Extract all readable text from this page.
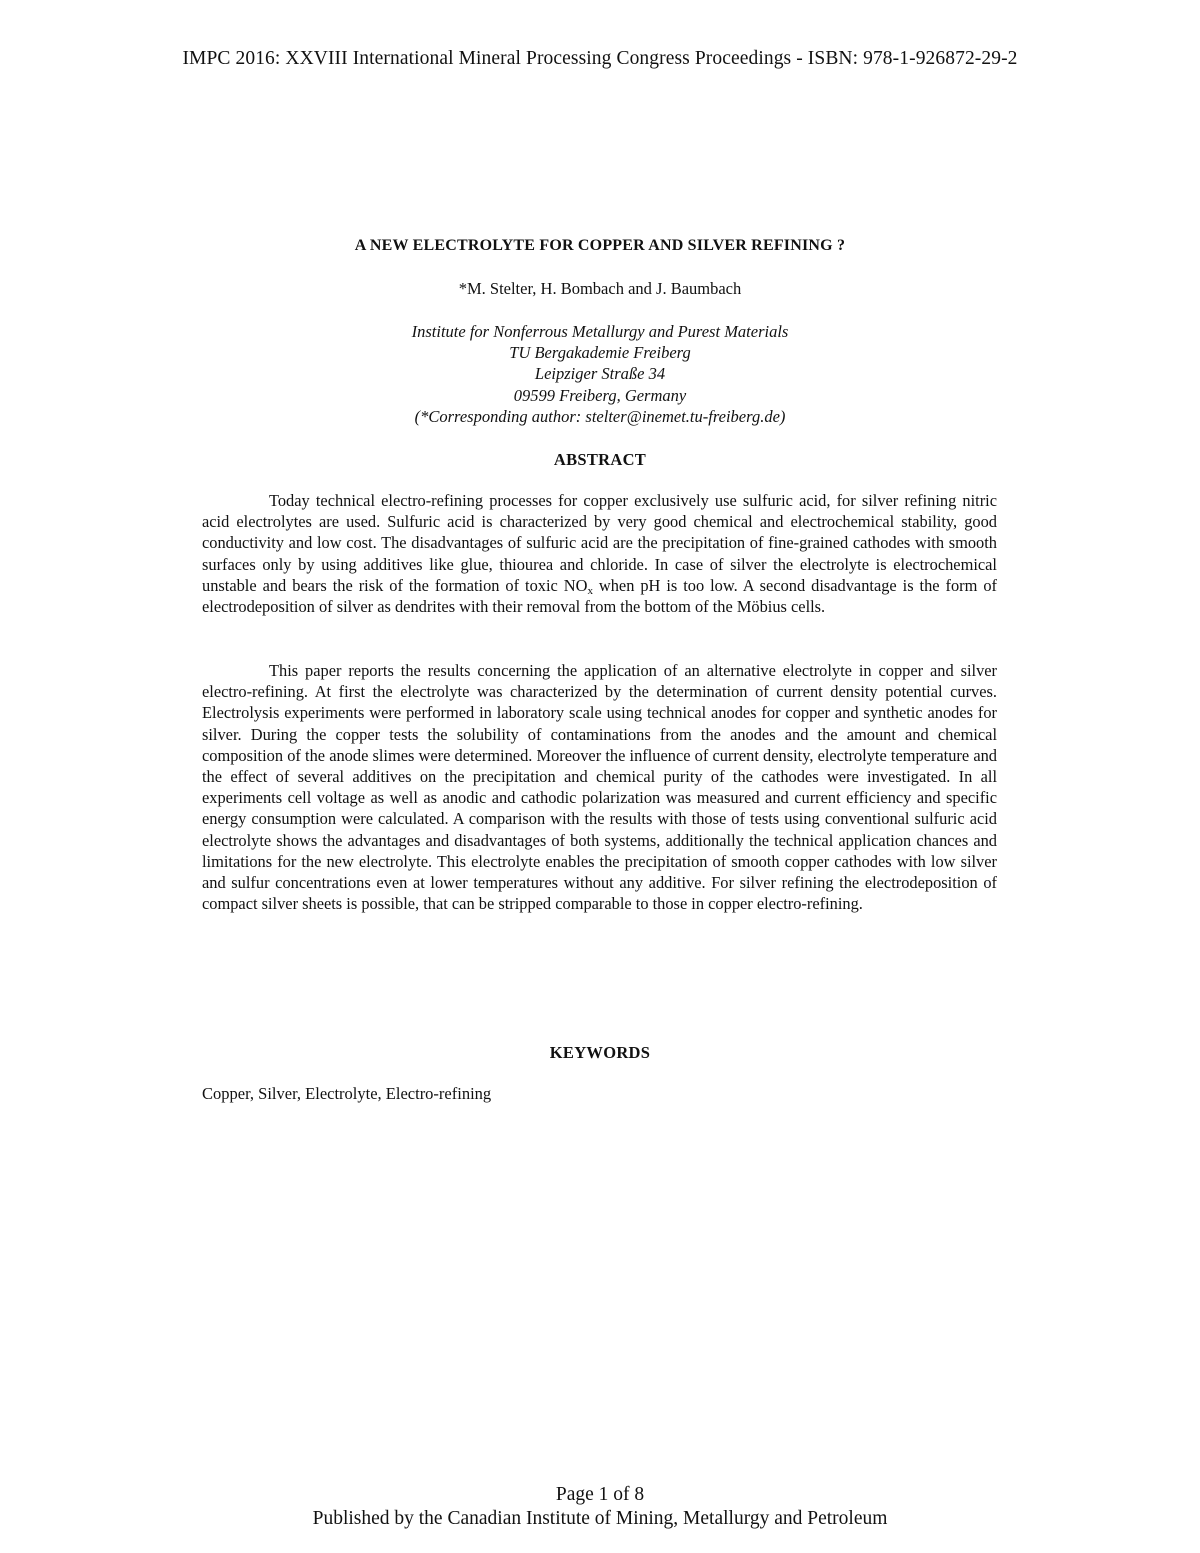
IMPC 2016: XXVIII International Mineral Processing Congress Proceedings - ISBN: 978-1-926872-29-2
A NEW ELECTROLYTE FOR COPPER AND SILVER REFINING ?
*M. Stelter, H. Bombach and J. Baumbach
Institute for Nonferrous Metallurgy and Purest Materials
TU Bergakademie Freiberg
Leipziger Straße 34
09599 Freiberg, Germany
(*Corresponding author: stelter@inemet.tu-freiberg.de)
ABSTRACT

Today technical electro-refining processes for copper exclusively use sulfuric acid, for silver refining nitric acid electrolytes are used. Sulfuric acid is characterized by very good chemical and electrochemical stability, good conductivity and low cost. The disadvantages of sulfuric acid are the precipitation of fine-grained cathodes with smooth surfaces only by using additives like glue, thiourea and chloride. In case of silver the electrolyte is electrochemical unstable and bears the risk of the formation of toxic $NO_x$ when pH is too low. A second disadvantage is the form of electrodeposition of silver as dendrites with their removal from the bottom of the Möbius cells.

This paper reports the results concerning the application of an alternative electrolyte in copper and silver electro-refining. At first the electrolyte was characterized by the determination of current density potential curves. Electrolysis experiments were performed in laboratory scale using technical anodes for copper and synthetic anodes for silver. During the copper tests the solubility of contaminations from the anodes and the amount and chemical composition of the anode slimes were determined. Moreover the influence of current density, electrolyte temperature and the effect of several additives on the precipitation and chemical purity of the cathodes were investigated. In all experiments cell voltage as well as anodic and cathodic polarization was measured and current efficiency and specific energy consumption were calculated. A comparison with the results with those of tests using conventional sulfuric acid electrolyte shows the advantages and disadvantages of both systems, additionally the technical application chances and limitations for the new electrolyte. This electrolyte enables the precipitation of smooth copper cathodes with low silver and sulfur concentrations even at lower temperatures without any additive. For silver refining the electrodeposition of compact silver sheets is possible, that can be stripped comparable to those in copper electro-refining.

KEYWORDS
Copper, Silver, Electrolyte, Electro-refining
Page 1 of 8
Published by the Canadian Institute of Mining, Metallurgy and Petroleum
